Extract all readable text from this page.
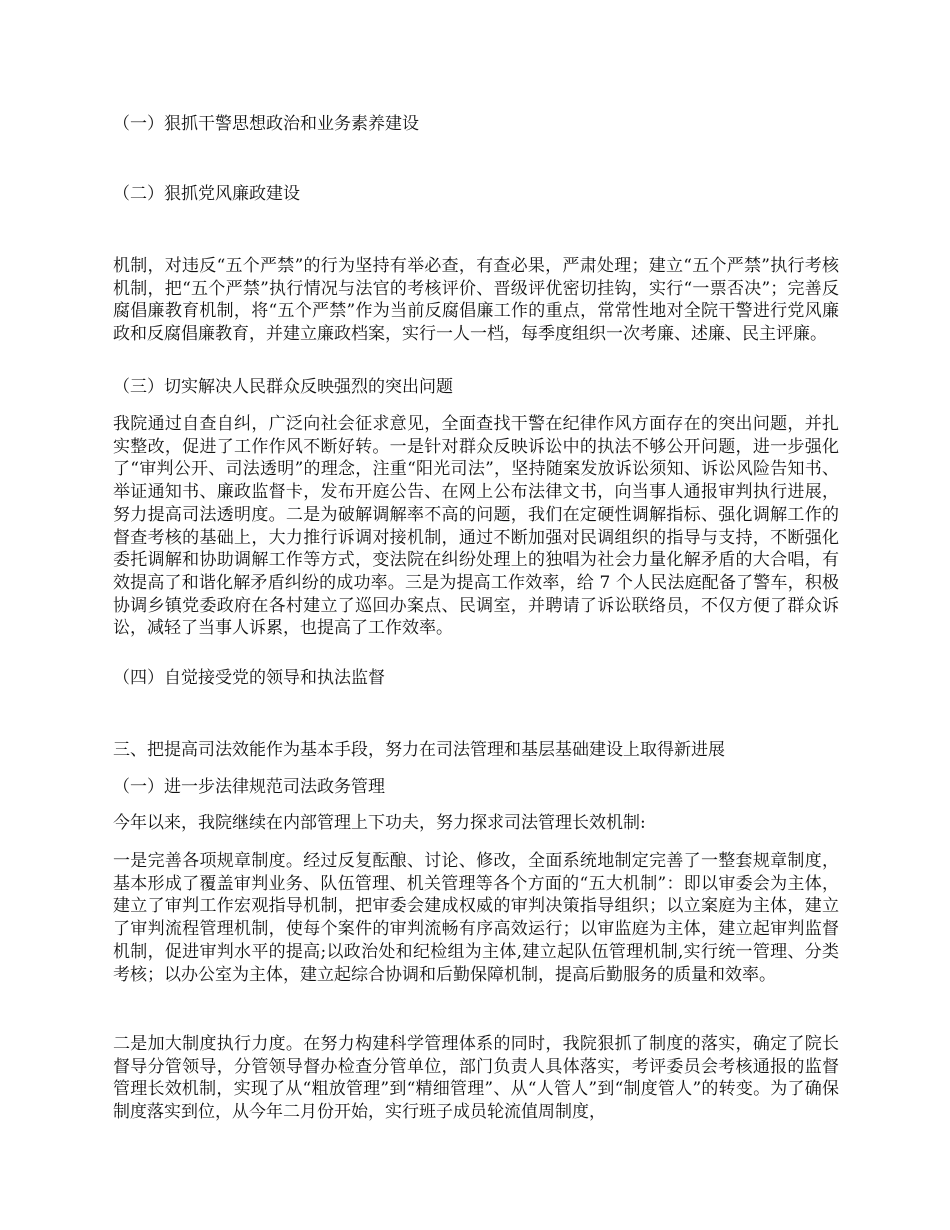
（一）狠抓干警思想政治和业务素养建设
（二）狠抓党风廉政建设

机制，对违反“五个严禁”的行为坚持有举必查，有查必果，严肃处理；建立“五个严禁”执行考核机制，把“五个严禁”执行情况与法官的考核评价、晋级评优密切挂钩，实行“一票否决”；完善反腐倡廉教育机制，将“五个严禁”作为当前反腐倡廉工作的重点，常常性地对全院干警进行党风廉政和反腐倡廉教育，并建立廉政档案，实行一人一档，每季度组织一次考廉、述廉、民主评廉。

（三）切实解决人民群众反映强烈的突出问题

我院通过自查自纠，广泛向社会征求意见，全面查找干警在纪律作风方面存在的突出问题，并扎实整改，促进了工作作风不断好转。一是针对群众反映诉讼中的执法不够公开问题，进一步强化了“审判公开、司法透明”的理念，注重“阳光司法”，坚持随案发放诉讼须知、诉讼风险告知书、举证通知书、廉政监督卡，发布开庭公告、在网上公布法律文书，向当事人通报审判执行进展，努力提高司法透明度。二是为破解调解率不高的问题，我们在定硬性调解指标、强化调解工作的督查考核的基础上，大力推行诉调对接机制，通过不断加强对民调组织的指导与支持，不断强化委托调解和协助调解工作等方式，变法院在纠纷处理上的独唱为社会力量化解矛盾的大合唱，有效提高了和谐化解矛盾纠纷的成功率。三是为提高工作效率，给 7 个人民法庭配备了警车，积极协调乡镇党委政府在各村建立了巡回办案点、民调室，并聘请了诉讼联络员，不仅方便了群众诉讼，减轻了当事人诉累，也提高了工作效率。

（四）自觉接受党的领导和执法监督
三、把提高司法效能作为基本手段，努力在司法管理和基层基础建设上取得新进展
（一）进一步法律规范司法政务管理

今年以来，我院继续在内部管理上下功夫，努力探求司法管理长效机制:

一是完善各项规章制度。经过反复酝酿、讨论、修改，全面系统地制定完善了一整套规章制度，基本形成了覆盖审判业务、队伍管理、机关管理等各个方面的“五大机制”：即以审委会为主体，建立了审判工作宏观指导机制，把审委会建成权威的审判决策指导组织；以立案庭为主体，建立了审判流程管理机制，使每个案件的审判流畅有序高效运行；以审监庭为主体，建立起审判监督机制，促进审判水平的提高;以政治处和纪检组为主体,建立起队伍管理机制,实行统一管理、分类考核；以办公室为主体，建立起综合协调和后勤保障机制，提高后勤服务的质量和效率。

二是加大制度执行力度。在努力构建科学管理体系的同时，我院狠抓了制度的落实，确定了院长督导分管领导，分管领导督办检查分管单位，部门负责人具体落实，考评委员会考核通报的监督管理长效机制，实现了从“粗放管理”到“精细管理”、从“人管人”到“制度管人”的转变。为了确保制度落实到位，从今年二月份开始，实行班子成员轮流值周制度，
